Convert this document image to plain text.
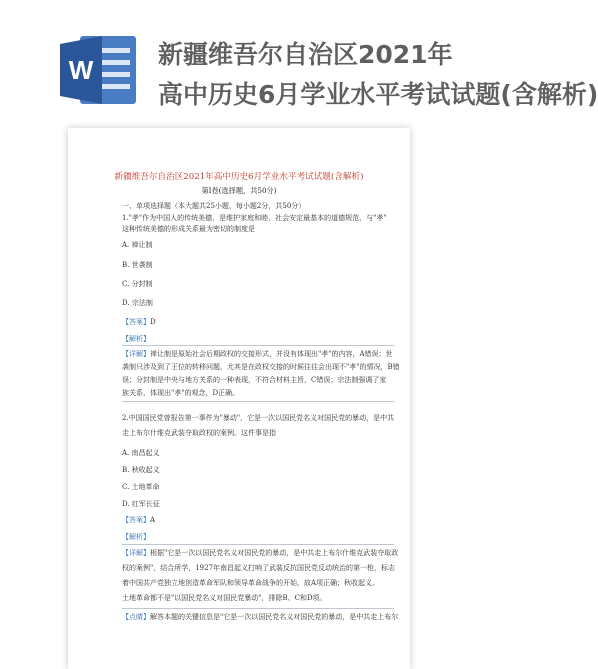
W
新疆维吾尔自治区2021年
高中历史6月学业水平考试试题(含解析)
新疆维吾尔自治区2021年高中历史6月学业水平考试试题(含解析)
第Ⅰ卷(选择题，共50分)
一、单项选择题（本大题共25小题，每小题2分，共50分）
1."孝"作为中国人的传统美德，是维护家庭和睦、社会安定最基本的道德规范，与"孝"
这种传统美德的形成关系最为密切的制度是
A. 禅让制
B. 世袭制
C. 分封制
D. 宗法制
【答案】D
【解析】
【详解】禅让制是原始社会后期政权的交接形式，并没有体现出"孝"的内容，A错误；世
袭制只涉及到了王位的转移问题，尤其是在政权交接的时候往往会出现不"孝"的情况，B错
误；分封制是中央与地方关系的一种表现，不符合材料主旨，C错误；宗法制强调了家
族关系，体现出"孝"的观念，D正确。
2.中国国民党曾报告第一事件为"暴动"，它是一次以国民党名义对国民党的暴动，是中共
走上布尔什维克武装夺取政权的案例。这件事是指
A. 南昌起义
B. 秋收起义
C. 土地革命
D. 红军长征
【答案】A
【解析】
【详解】根据"它是一次以国民党名义对国民党的暴动，是中共走上布尔什维克武装夺取政
权的案例"，结合所学，1927年南昌起义打响了武装反抗国民党反动统治的第一枪，标志
着中国共产党独立地创造革命军队和领导革命战争的开始，故A项正确；秋收起义、
土地革命都不是"以国民党名义对国民党暴动"，排除B、C和D项。
【点睛】解答本题的关键信息是"它是一次以国民党名义对国民党的暴动，是中共走上布尔
